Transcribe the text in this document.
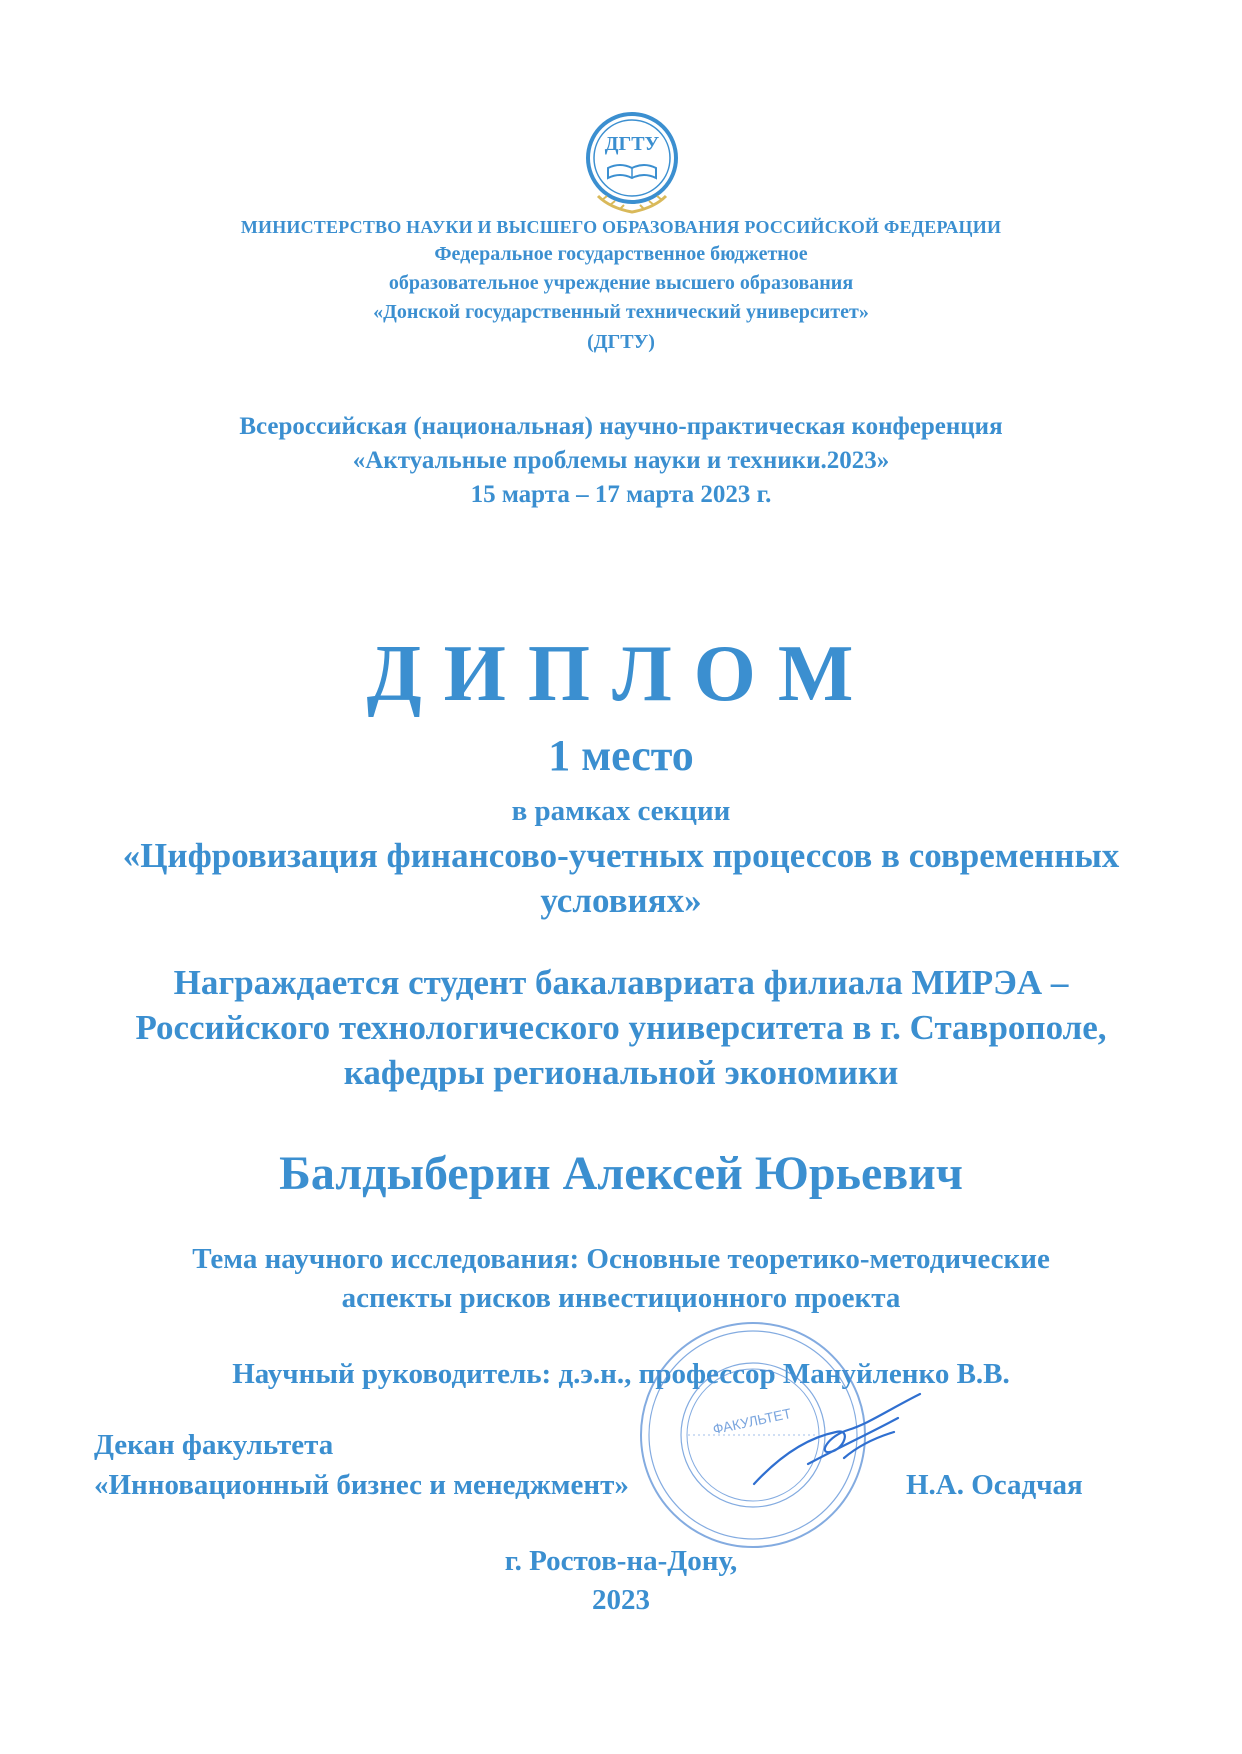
ДГТУ
МИНИСТЕРСТВО НАУКИ И ВЫСШЕГО ОБРАЗОВАНИЯ РОССИЙСКОЙ ФЕДЕРАЦИИ
Федеральное государственное бюджетное
образовательное учреждение высшего образования
«Донской государственный технический университет»
(ДГТУ)
Всероссийская (национальная) научно-практическая конференция
«Актуальные проблемы науки и техники.2023»
15 марта – 17 марта 2023 г.
ДИПЛОМ
1 место
в рамках секции
«Цифровизация финансово-учетных процессов в современных
условиях»
Награждается студент бакалавриата филиала МИРЭА –
Российского технологического университета в г. Ставрополе,
кафедры региональной экономики
Балдыберин Алексей Юрьевич
Тема научного исследования: Основные теоретико-методические
аспекты рисков инвестиционного проекта
Научный руководитель: д.э.н., профессор Мануйленко В.В.
ФАКУЛЬТЕТ
Декан факультета
«Инновационный бизнес и менеджмент»	Н.А. Осадчая
г. Ростов-на-Дону,
2023
